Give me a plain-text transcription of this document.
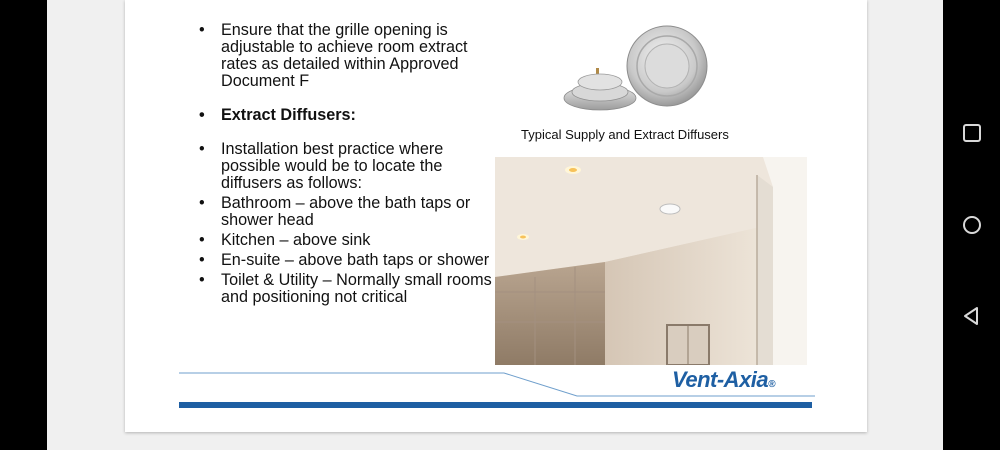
• Ensure that the grille opening is adjustable to achieve room extract rates as detailed within Approved Document F
• Extract Diffusers:
• Installation best practice where possible would be to locate the diffusers as follows:
• Bathroom – above the bath taps or shower head
• Kitchen – above sink
• En-suite – above bath taps or shower
• Toilet & Utility – Normally small rooms and positioning not critical
Typical Supply and Extract Diffusers
Vent-Axia®
